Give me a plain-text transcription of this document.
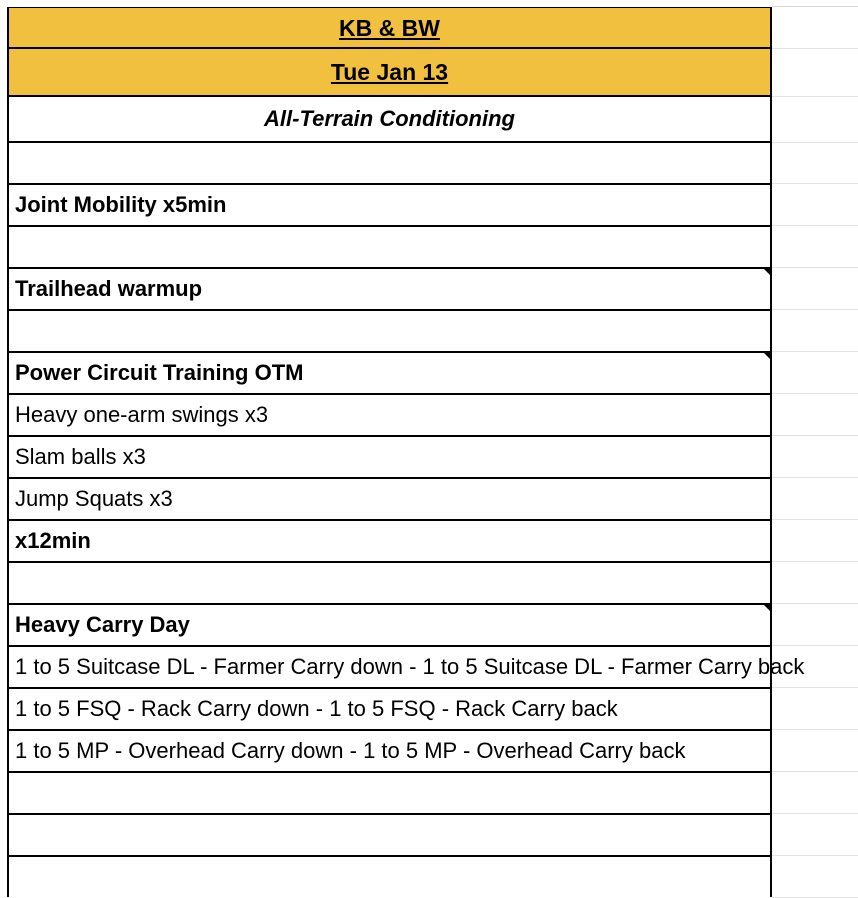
KB & BW
Tue Jan 13
All-Terrain Conditioning
Joint Mobility x5min
Trailhead warmup
Power Circuit Training OTM
Heavy one-arm swings x3
Slam balls x3
Jump Squats x3
x12min
Heavy Carry Day
1 to 5 Suitcase DL - Farmer Carry down - 1 to 5 Suitcase DL - Farmer Carry back
1 to 5 FSQ - Rack Carry down - 1 to 5 FSQ - Rack Carry back
1 to 5 MP - Overhead Carry down - 1 to 5 MP - Overhead Carry back
